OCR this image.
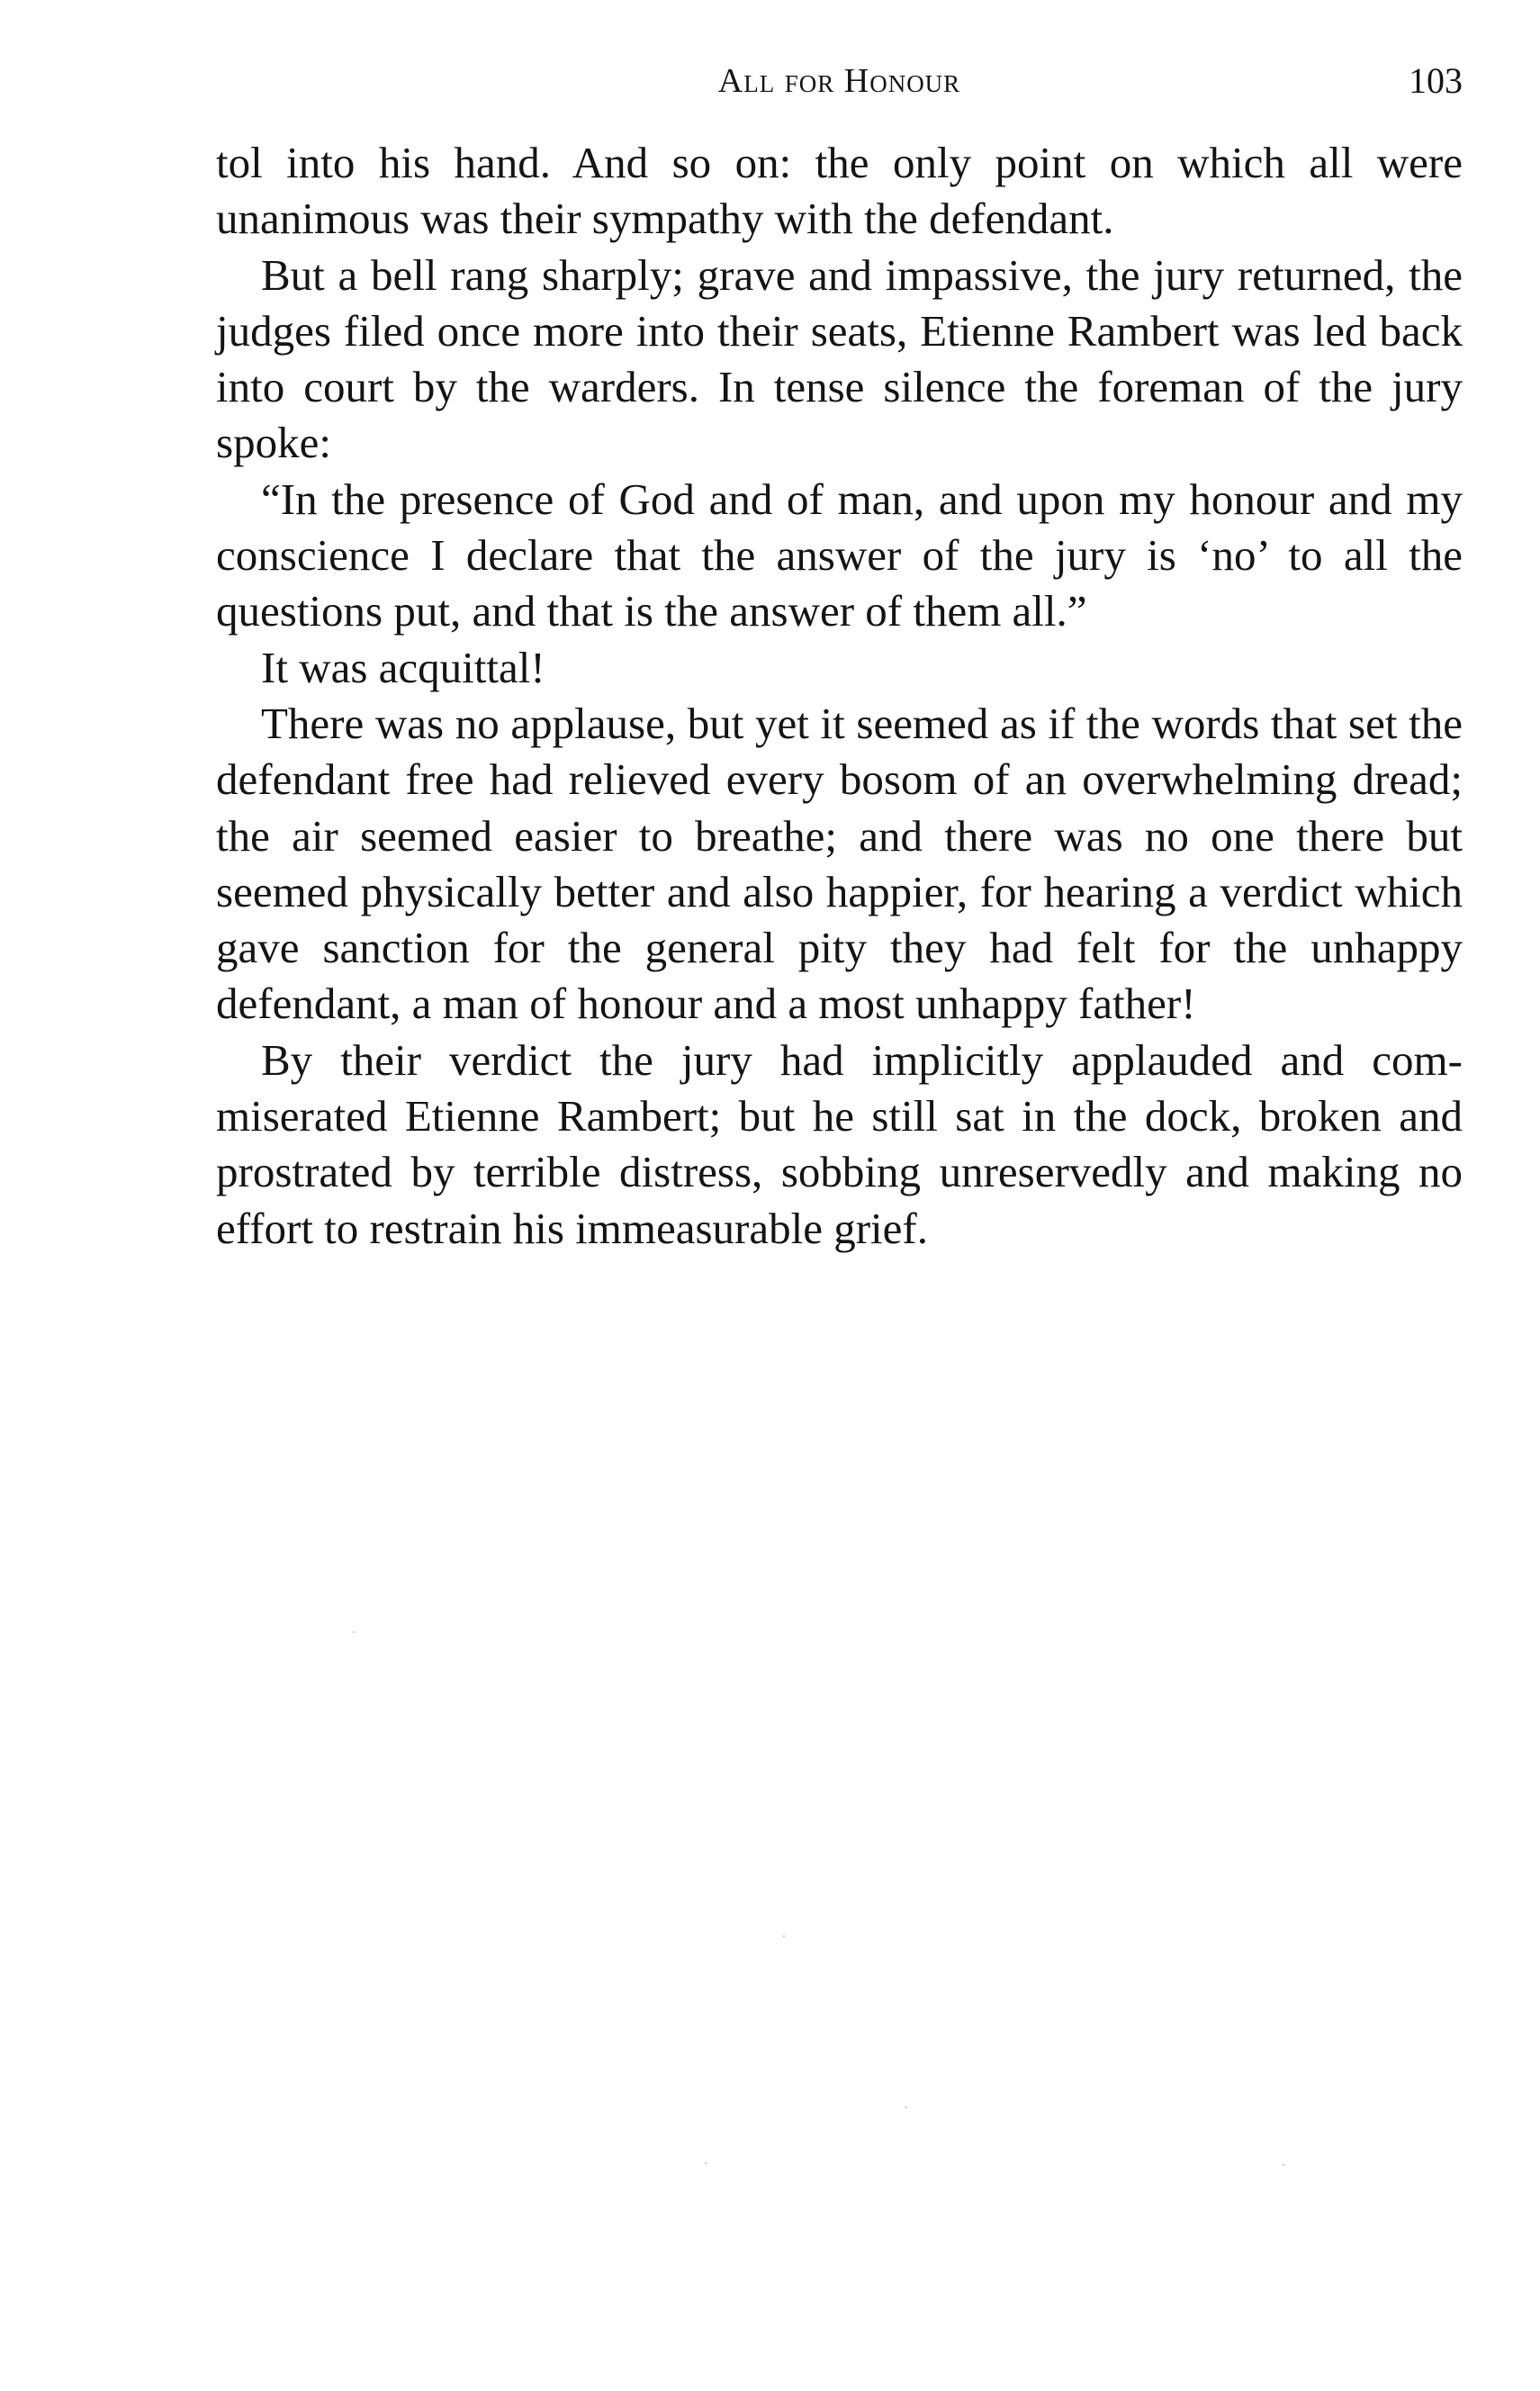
All for Honour	103

tol into his hand. And so on: the only point on which all were unanimous was their sympathy with the defendant.

But a bell rang sharply; grave and impassive, the jury returned, the judges filed once more into their seats, Etienne Rambert was led back into court by the warders. In tense silence the foreman of the jury spoke:

“In the presence of God and of man, and upon my honour and my conscience I declare that the answer of the jury is ‘no’ to all the questions put, and that is the answer of them all.”

It was acquittal!

There was no applause, but yet it seemed as if the words that set the defendant free had relieved every bosom of an overwhelming dread; the air seemed easier to breathe; and there was no one there but seemed physically better and also happier, for hearing a verdict which gave sanction for the general pity they had felt for the unhappy defendant, a man of honour and a most unhappy father!

By their verdict the jury had implicitly applauded and commiserated Etienne Rambert; but he still sat in the dock, broken and prostrated by terrible distress, sobbing unreservedly and making no effort to restrain his immeasurable grief.
